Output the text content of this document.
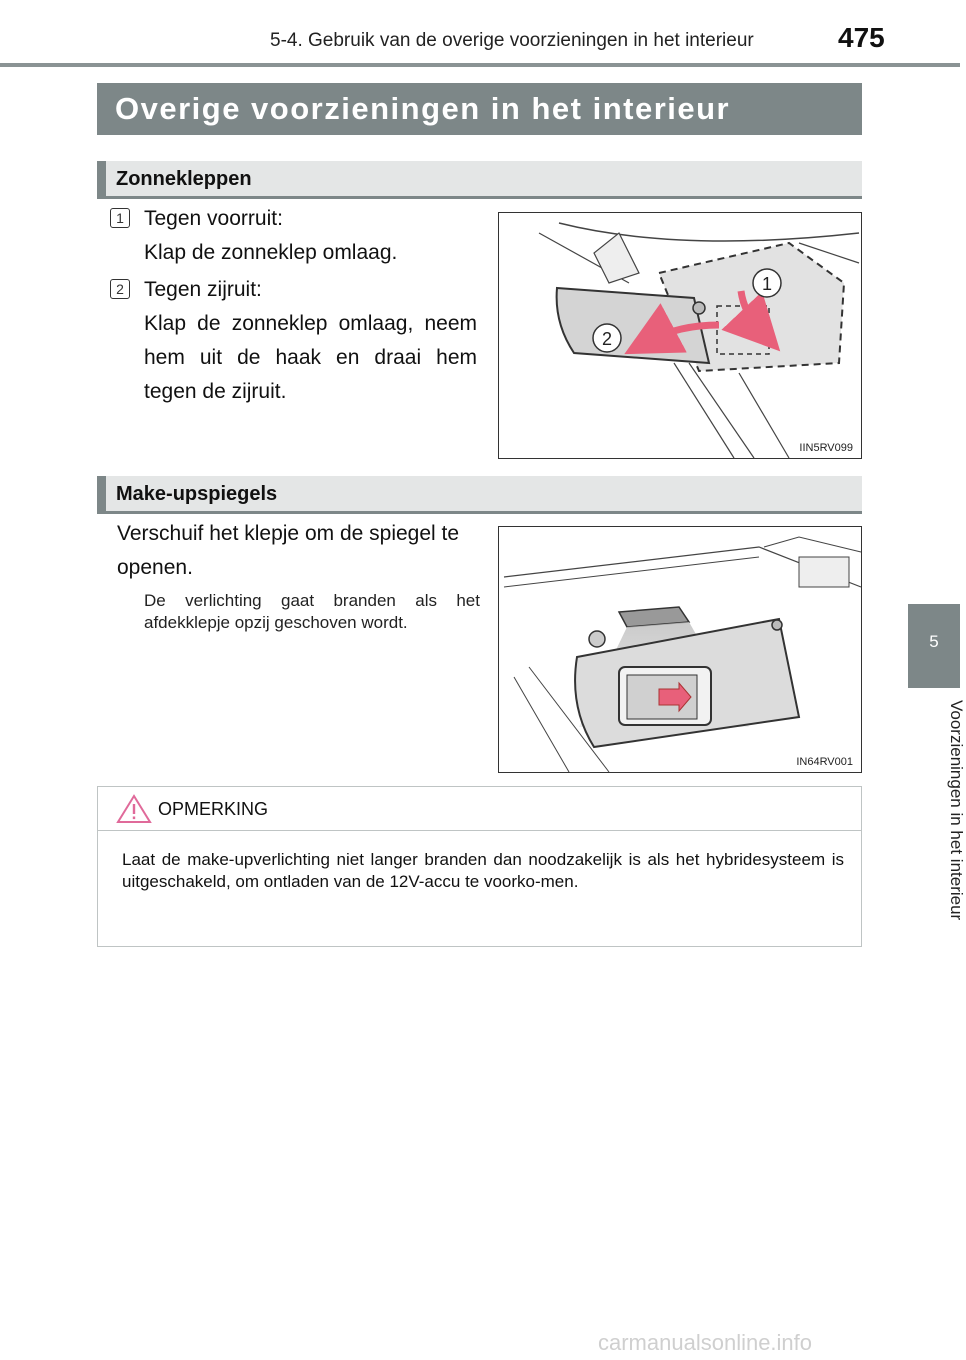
5-4. Gebruik van de overige voorzieningen in het interieur	475
5
Voorzieningen in het interieur
Overige voorzieningen in het interieur
Zonnekleppen
1 Tegen voorruit:
Klap de zonneklep omlaag.
2 Tegen zijruit:
Klap de zonneklep omlaag, neem hem uit de haak en draai hem tegen de zijruit.
1
2
IIN5RV099
Make-upspiegels
Verschuif het klepje om de spiegel te openen.
De verlichting gaat branden als het afdekklepje opzij geschoven wordt.
IN64RV001
OPMERKING
Laat de make-upverlichting niet langer branden dan noodzakelijk is als het hybridesysteem is uitgeschakeld, om ontladen van de 12V-accu te voorko-men.
carmanualsonline.info
